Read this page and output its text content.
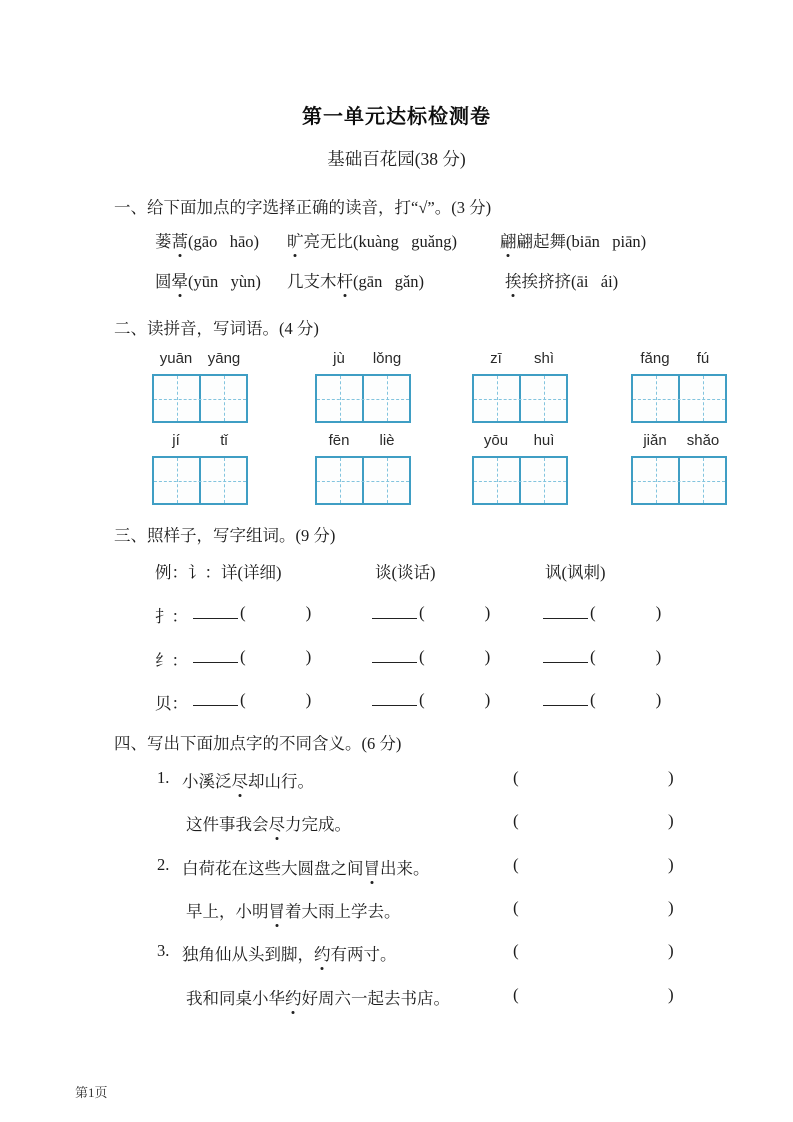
第一单元达标检测卷
基础百花园(38 分)
一、给下面加点的字选择正确的读音，打“√”。(3 分)
蒌蒿(gāo   hāo) 旷亮无比(kuàng   guǎng)	翩翩起舞(biān   piān)
圆晕(yūn   yùn) 几支木杆(gān   gǎn)	挨挨挤挤(āi   ái)
二、读拼音，写词语。(4 分)
yuān	yāng	jù	lǒng	zī	shì	fǎng	fú
jí	tǐ	fēn	liè	yōu	huì	jiǎn	shǎo
三、照样子，写字组词。(9 分)
例：讠：详(详细)	谈(谈话)	讽(讽刺)
扌：	(	)	(	)	(	)
纟：	(	)	(	)	(	)
贝：	(	)	(	)	(	)
四、写出下面加点字的不同含义。(6 分)
1. 小溪泛尽却山行。	(	)
这件事我会尽力完成。	(	)
2. 白荷花在这些大圆盘之间冒出来。	(	)
早上，小明冒着大雨上学去。	(	)
3. 独角仙从头到脚，约有两寸。	(	)
我和同桌小华约好周六一起去书店。	(	)
第1页
